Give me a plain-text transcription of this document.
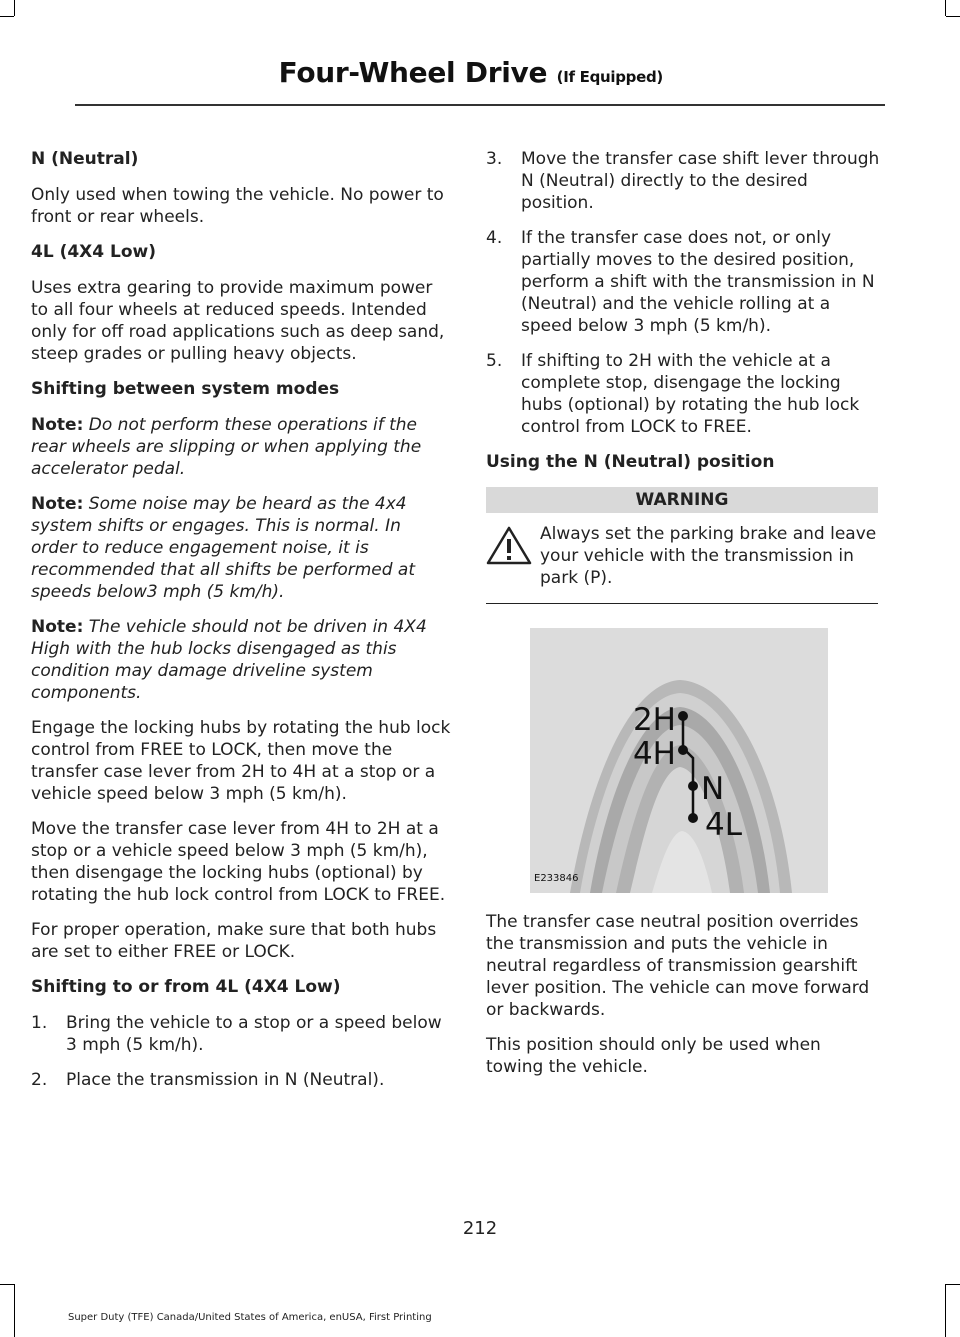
Four-Wheel Drive (If Equipped)
N (Neutral)
Only used when towing the vehicle. No power to front or rear wheels.
4L (4X4 Low)
Uses extra gearing to provide maximum power to all four wheels at reduced speeds. Intended only for off road applications such as deep sand, steep grades or pulling heavy objects.
Shifting between system modes
Note: Do not perform these operations if the rear wheels are slipping or when applying the accelerator pedal.
Note: Some noise may be heard as the 4x4 system shifts or engages. This is normal. In order to reduce engagement noise, it is recommended that all shifts be performed at speeds below3 mph (5 km/h).
Note: The vehicle should not be driven in 4X4 High with the hub locks disengaged as this condition may damage driveline system components.
Engage the locking hubs by rotating the hub lock control from FREE to LOCK, then move the transfer case lever from 2H to 4H at a stop or a vehicle speed below 3 mph (5 km/h).
Move the transfer case lever from 4H to 2H at a stop or a vehicle speed below 3 mph (5 km/h), then disengage the locking hubs (optional) by rotating the hub lock control from LOCK to FREE.
For proper operation, make sure that both hubs are set to either FREE or LOCK.
Shifting to or from 4L (4X4 Low)
1.	Bring the vehicle to a stop or a speed below 3 mph (5 km/h).
2.	Place the transmission in N (Neutral).
3.	Move the transfer case shift lever through N (Neutral) directly to the desired position.
4.	If the transfer case does not, or only partially moves to the desired position, perform a shift with the transmission in N (Neutral) and the vehicle rolling at a speed below 3 mph (5 km/h).
5.	If shifting to 2H with the vehicle at a complete stop, disengage the locking hubs (optional) by rotating the hub lock control from LOCK to FREE.
Using the N (Neutral) position
WARNING
Always set the parking brake and leave your vehicle with the transmission in park (P).
2H
4H
N
4L
E233846
The transfer case neutral position overrides the transmission and puts the vehicle in neutral regardless of transmission gearshift lever position. The vehicle can move forward or backwards.
This position should only be used when towing the vehicle.
212
Super Duty (TFE) Canada/United States of America, enUSA, First Printing
